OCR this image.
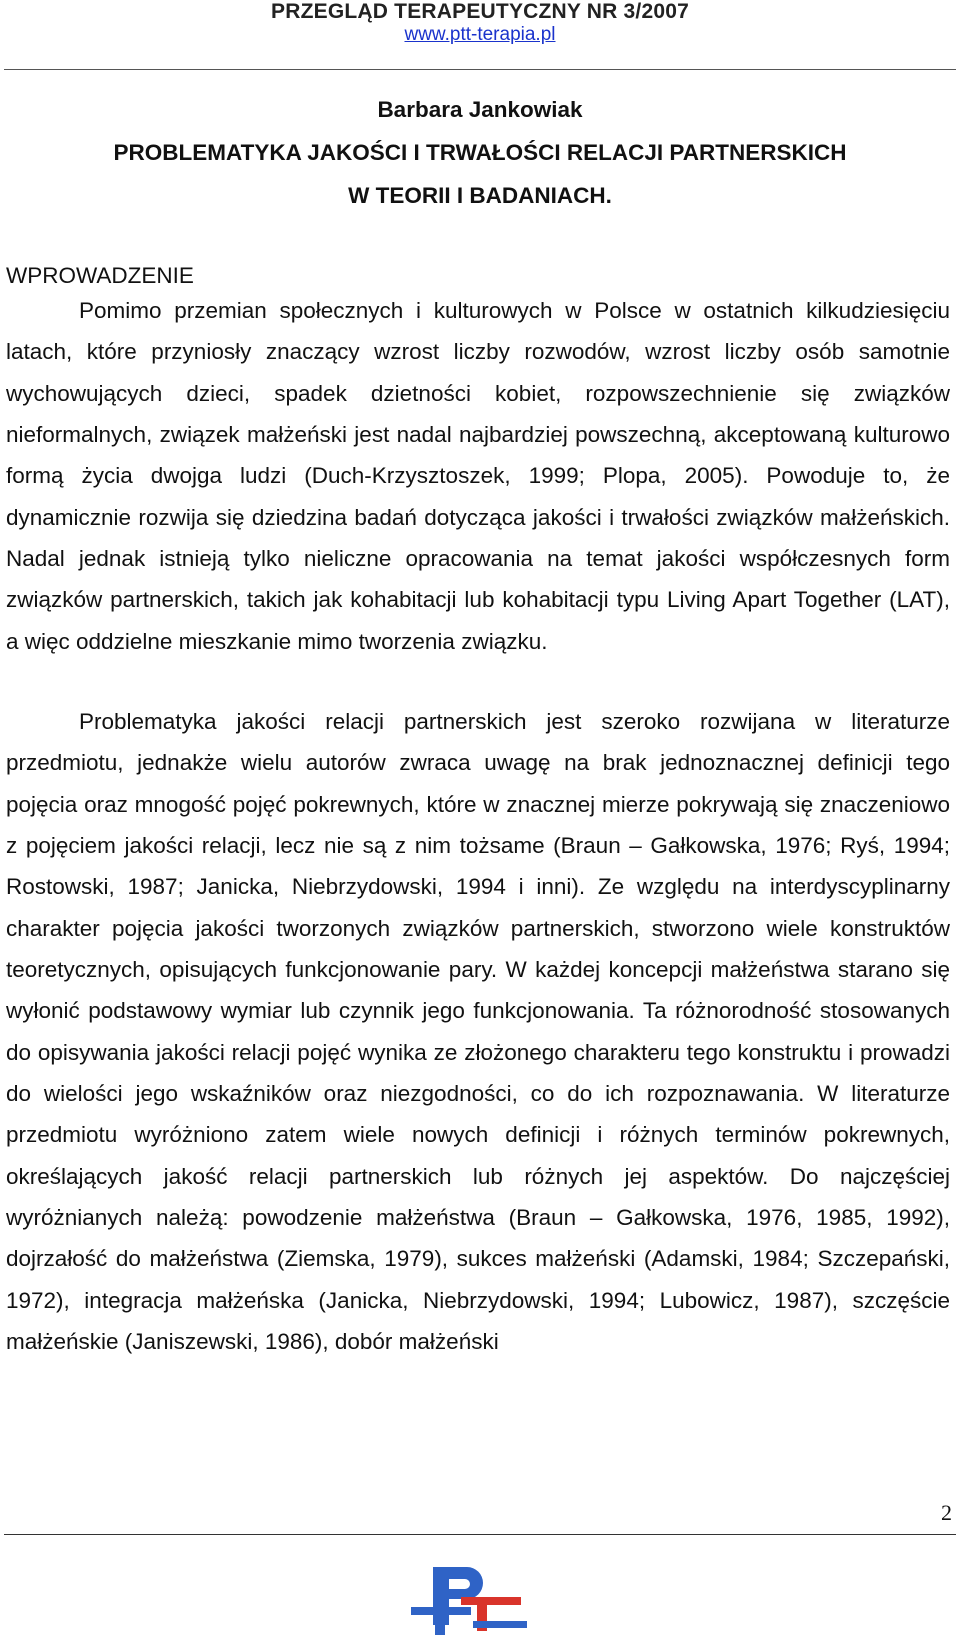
PRZEGLĄD TERAPEUTYCZNY NR 3/2007
www.ptt-terapia.pl
Barbara Jankowiak
PROBLEMATYKA JAKOŚCI I TRWAŁOŚCI RELACJI PARTNERSKICH
W TEORII I BADANIACH.
WPROWADZENIE

Pomimo przemian społecznych i kulturowych w Polsce w ostatnich kilkudziesięciu latach, które przyniosły znaczący wzrost liczby rozwodów, wzrost liczby osób samotnie wychowujących dzieci, spadek dzietności kobiet, rozpowszechnienie się związków nieformalnych, związek małżeński jest nadal najbardziej powszechną, akceptowaną kulturowo formą życia dwojga ludzi (Duch-Krzysztoszek, 1999; Plopa, 2005). Powoduje to, że dynamicznie rozwija się dziedzina badań dotycząca jakości i trwałości związków małżeńskich. Nadal jednak istnieją tylko nieliczne opracowania na temat jakości współczesnych form związków partnerskich, takich jak kohabitacji lub kohabitacji typu Living Apart Together (LAT), a więc oddzielne mieszkanie mimo tworzenia związku.

Problematyka jakości relacji partnerskich jest szeroko rozwijana w literaturze przedmiotu, jednakże wielu autorów zwraca uwagę na brak jednoznacznej definicji tego pojęcia oraz mnogość pojęć pokrewnych, które w znacznej mierze pokrywają się znaczeniowo z pojęciem jakości relacji, lecz nie są z nim tożsame (Braun – Gałkowska, 1976; Ryś, 1994; Rostowski, 1987; Janicka, Niebrzydowski, 1994 i inni). Ze względu na interdyscyplinarny charakter pojęcia jakości tworzonych związków partnerskich, stworzono wiele konstruktów teoretycznych, opisujących funkcjonowanie pary. W każdej koncepcji małżeństwa starano się wyłonić podstawowy wymiar lub czynnik jego funkcjonowania. Ta różnorodność stosowanych do opisywania jakości relacji pojęć wynika ze złożonego charakteru tego konstruktu i prowadzi do wielości jego wskaźników oraz niezgodności, co do ich rozpoznawania. W literaturze przedmiotu wyróżniono zatem wiele nowych definicji i różnych terminów pokrewnych, określających jakość relacji partnerskich lub różnych jej aspektów. Do najczęściej wyróżnianych należą: powodzenie małżeństwa (Braun – Gałkowska, 1976, 1985, 1992), dojrzałość do małżeństwa (Ziemska, 1979), sukces małżeński (Adamski, 1984; Szczepański, 1972), integracja małżeńska (Janicka, Niebrzydowski, 1994; Lubowicz, 1987), szczęście małżeńskie (Janiszewski, 1986), dobór małżeński

2
